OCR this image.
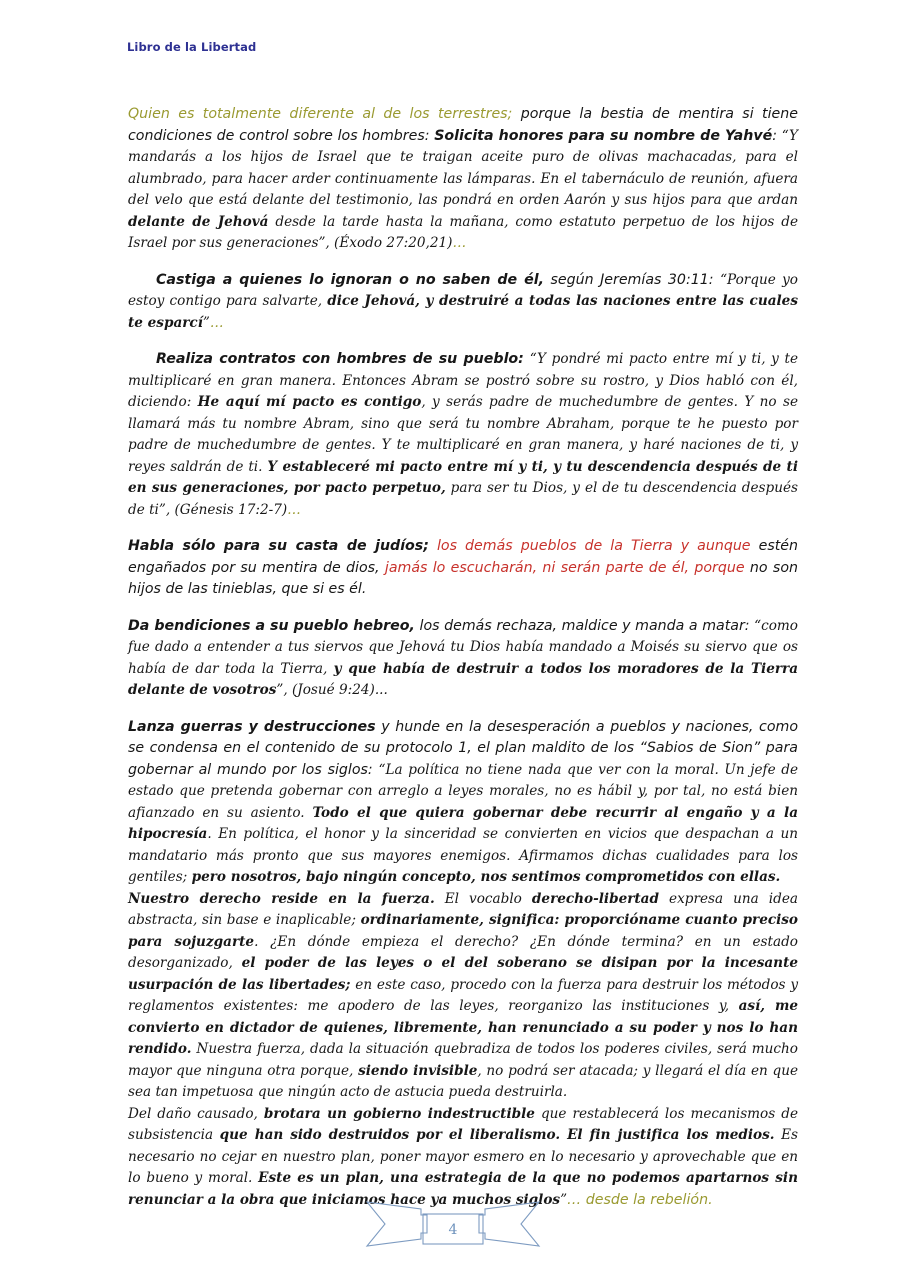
Libro de la Libertad

Quien es totalmente diferente al de los terrestres; porque la bestia de mentira si tiene condiciones de control sobre los hombres: Solicita honores para su nombre de Yahvé: “Y mandarás a los hijos de Israel que te traigan aceite puro de olivas machacadas, para el alumbrado, para hacer arder continuamente las lámparas. En el tabernáculo de reunión, afuera del velo que está delante del testimonio, las pondrá en orden Aarón y sus hijos para que ardan delante de Jehová desde la tarde hasta la mañana, como estatuto perpetuo de los hijos de Israel por sus generaciones”, (Éxodo 27:20,21)…

Castiga a quienes lo ignoran o no saben de él, según Jeremías 30:11: “Porque yo estoy contigo para salvarte, dice Jehová, y destruiré a todas las naciones entre las cuales te esparcí”…

Realiza contratos con hombres de su pueblo: “Y pondré mi pacto entre mí y ti, y te multiplicaré en gran manera. Entonces Abram se postró sobre su rostro, y Dios habló con él, diciendo: He aquí mí pacto es contigo, y serás padre de muchedumbre de gentes. Y no se llamará más tu nombre Abram, sino que será tu nombre Abraham, porque te he puesto por padre de muchedumbre de gentes. Y te multiplicaré en gran manera, y haré naciones de ti, y reyes saldrán de ti. Y estableceré mi pacto entre mí y ti, y tu descendencia después de ti en sus generaciones, por pacto perpetuo, para ser tu Dios, y el de tu descendencia después de ti”, (Génesis 17:2-7)…

Habla sólo para su casta de judíos; los demás pueblos de la Tierra y aunque estén engañados por su mentira de dios, jamás lo escucharán, ni serán parte de él, porque no son hijos de las tinieblas, que si es él.

Da bendiciones a su pueblo hebreo, los demás rechaza, maldice y manda a matar: “como fue dado a entender a tus siervos que Jehová tu Dios había mandado a Moisés su siervo que os había de dar toda la Tierra, y que había de destruir a todos los moradores de la Tierra delante de vosotros”, (Josué 9:24)...

Lanza guerras y destrucciones y hunde en la desesperación a pueblos y naciones, como se condensa en el contenido de su protocolo 1, el plan maldito de los “Sabios de Sion” para gobernar al mundo por los siglos: “La política no tiene nada que ver con la moral. Un jefe de estado que pretenda gobernar con arreglo a leyes morales, no es hábil y, por tal, no está bien afianzado en su asiento. Todo el que quiera gobernar debe recurrir al engaño y a la hipocresía. En política, el honor y la sinceridad se convierten en vicios que despachan a un mandatario más pronto que sus mayores enemigos. Afirmamos dichas cualidades para los gentiles; pero nosotros, bajo ningún concepto, nos sentimos comprometidos con ellas.

Nuestro derecho reside en la fuerza. El vocablo derecho-libertad expresa una idea abstracta, sin base e inaplicable; ordinariamente, significa: proporcióname cuanto preciso para sojuzgarte. ¿En dónde empieza el derecho? ¿En dónde termina? en un estado desorganizado, el poder de las leyes o el del soberano se disipan por la incesante usurpación de las libertades; en este caso, procedo con la fuerza para destruir los métodos y reglamentos existentes: me apodero de las leyes, reorganizo las instituciones y, así, me convierto en dictador de quienes, libremente, han renunciado a su poder y nos lo han rendido. Nuestra fuerza, dada la situación quebradiza de todos los poderes civiles, será mucho mayor que ninguna otra porque, siendo invisible, no podrá ser atacada; y llegará el día en que sea tan impetuosa que ningún acto de astucia pueda destruirla.

Del daño causado, brotara un gobierno indestructible que restablecerá los mecanismos de subsistencia que han sido destruidos por el liberalismo. El fin justifica los medios. Es necesario no cejar en nuestro plan, poner mayor esmero en lo necesario y aprovechable que en lo bueno y moral. Este es un plan, una estrategia de la que no podemos apartarnos sin renunciar a la obra que iniciamos hace ya muchos siglos”… desde la rebelión.

4
